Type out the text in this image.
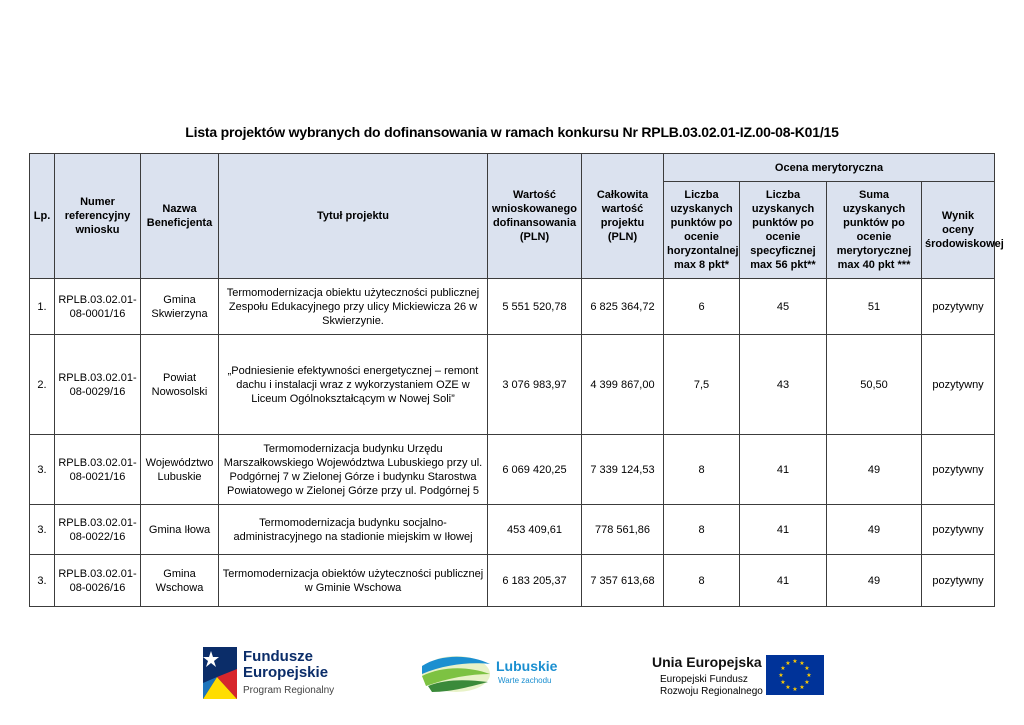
Lista projektów wybranych do dofinansowania w ramach konkursu Nr RPLB.03.02.01-IZ.00-08-K01/15
Lp.	Numer referencyjny wniosku	Nazwa Beneficjenta	Tytuł projektu	Wartość wnioskowanego dofinansowania (PLN)	Całkowita wartość projektu (PLN)	Ocena merytoryczna			
						Liczba uzyskanych punktów po ocenie horyzontalnej max 8 pkt*	Liczba uzyskanych punktów po ocenie specyficznej max 56 pkt**	Suma uzyskanych punktów po ocenie merytorycznej max 40 pkt ***	Wynik oceny środowiskowej
1.	RPLB.03.02.01-08-0001/16	Gmina Skwierzyna	Termomodernizacja obiektu użyteczności publicznej Zespołu Edukacyjnego przy ulicy Mickiewicza 26 w Skwierzynie.	5 551 520,78	6 825 364,72	6	45	51	pozytywny
2.	RPLB.03.02.01-08-0029/16	Powiat Nowosolski	„Podniesienie efektywności energetycznej – remont dachu i instalacji wraz z wykorzystaniem OZE w Liceum Ogólnokształcącym w Nowej Soli”	3 076 983,97	4 399 867,00	7,5	43	50,50	pozytywny
3.	RPLB.03.02.01-08-0021/16	Województwo Lubuskie	Termomodernizacja budynku Urzędu Marszałkowskiego Województwa Lubuskiego przy ul. Podgórnej 7 w Zielonej Górze i budynku Starostwa Powiatowego w Zielonej Górze przy ul. Podgórnej 5	6 069 420,25	7 339 124,53	8	41	49	pozytywny
3.	RPLB.03.02.01-08-0022/16	Gmina Iłowa	Termomodernizacja budynku socjalno-administracyjnego na stadionie miejskim w Iłowej	453 409,61	778 561,86	8	41	49	pozytywny
3.	RPLB.03.02.01-08-0026/16	Gmina Wschowa	Termomodernizacja obiektów użyteczności publicznej w Gminie Wschowa	6 183 205,37	7 357 613,68	8	41	49	pozytywny
Fundusze
Europejskie
Program Regionalny
Lubuskie
Warte zachodu
Unia Europejska
Europejski Fundusz
Rozwoju Regionalnego
★ ★
★
★
★
★
★
★
★
★
★
★
